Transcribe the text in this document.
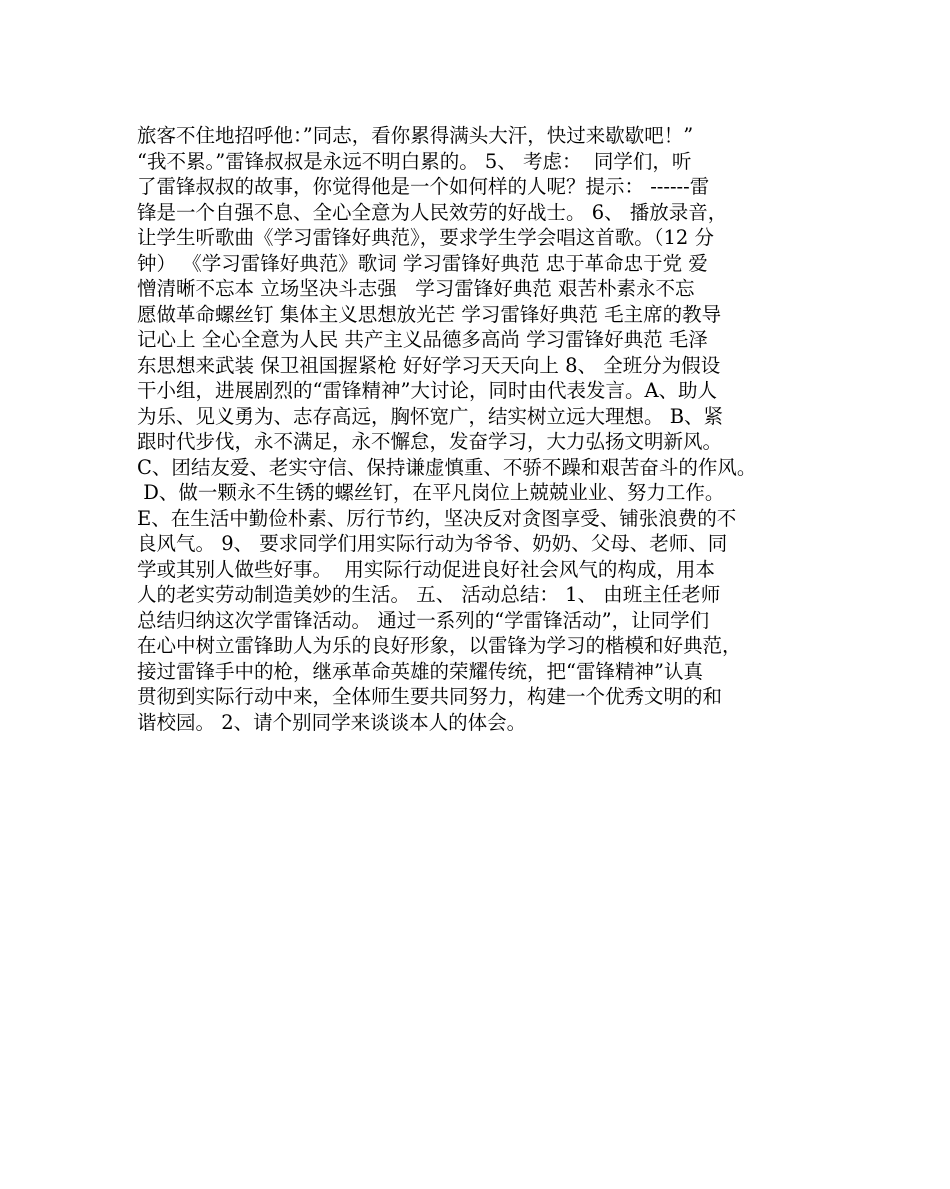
旅客不住地招呼他：”同志，看你累得满头大汗，快过来歇歇吧！”
“我不累。”雷锋叔叔是永远不明白累的。 5、 考虑：  同学们，听
了雷锋叔叔的故事，你觉得他是一个如何样的人呢？提示： ------雷
锋是一个自强不息、全心全意为人民效劳的好战士。 6、 播放录音，
让学生听歌曲《学习雷锋好典范》，要求学生学会唱这首歌。（12 分
钟） 《学习雷锋好典范》歌词 学习雷锋好典范 忠于革命忠于党 爱
憎清晰不忘本 立场坚决斗志强   学习雷锋好典范 艰苦朴素永不忘
愿做革命螺丝钉 集体主义思想放光芒 学习雷锋好典范 毛主席的教导
记心上 全心全意为人民 共产主义品德多高尚 学习雷锋好典范 毛泽
东思想来武装 保卫祖国握紧枪 好好学习天天向上 8、 全班分为假设
干小组，进展剧烈的“雷锋精神”大讨论，同时由代表发言。A、助人
为乐、见义勇为、志存高远，胸怀宽广，结实树立远大理想。 B、紧
跟时代步伐，永不满足，永不懈怠，发奋学习，大力弘扬文明新风。
C、团结友爱、老实守信、保持谦虚慎重、不骄不躁和艰苦奋斗的作风。
D、做一颗永不生锈的螺丝钉，在平凡岗位上兢兢业业、努力工作。
E、在生活中勤俭朴素、厉行节约，坚决反对贪图享受、铺张浪费的不
良风气。 9、 要求同学们用实际行动为爷爷、奶奶、父母、老师、同
学或其别人做些好事。  用实际行动促进良好社会风气的构成，用本
人的老实劳动制造美妙的生活。 五、 活动总结： 1、 由班主任老师
总结归纳这次学雷锋活动。 通过一系列的“学雷锋活动”，让同学们
在心中树立雷锋助人为乐的良好形象，以雷锋为学习的楷模和好典范，
接过雷锋手中的枪，继承革命英雄的荣耀传统，把“雷锋精神”认真
贯彻到实际行动中来，全体师生要共同努力，构建一个优秀文明的和
谐校园。 2、请个别同学来谈谈本人的体会。
